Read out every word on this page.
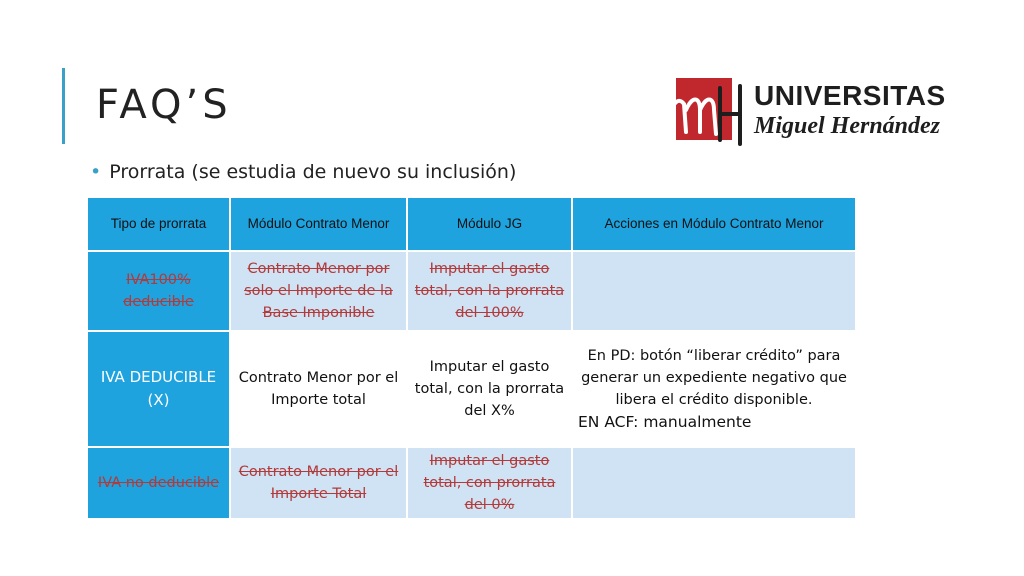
FAQ’S	UNIVERSITAS
Miguel Hernández
• Prorrata (se estudia de nuevo su inclusión)
Tipo de prorrata	Módulo Contrato Menor	Módulo JG	Acciones en Módulo Contrato Menor
IVA100% deducible	Contrato Menor por solo el Importe de la Base Imponible	Imputar el gasto total, con la prorrata del 100%	
IVA DEDUCIBLE (X)	Contrato Menor por el Importe total	Imputar el gasto total, con la prorrata del X%	En PD: botón “liberar crédito” para generar un expediente negativo que libera el crédito disponible.
EN ACF: manualmente

IVA no deducible	Contrato Menor por el Importe Total	Imputar el gasto total, con prorrata del 0%	
